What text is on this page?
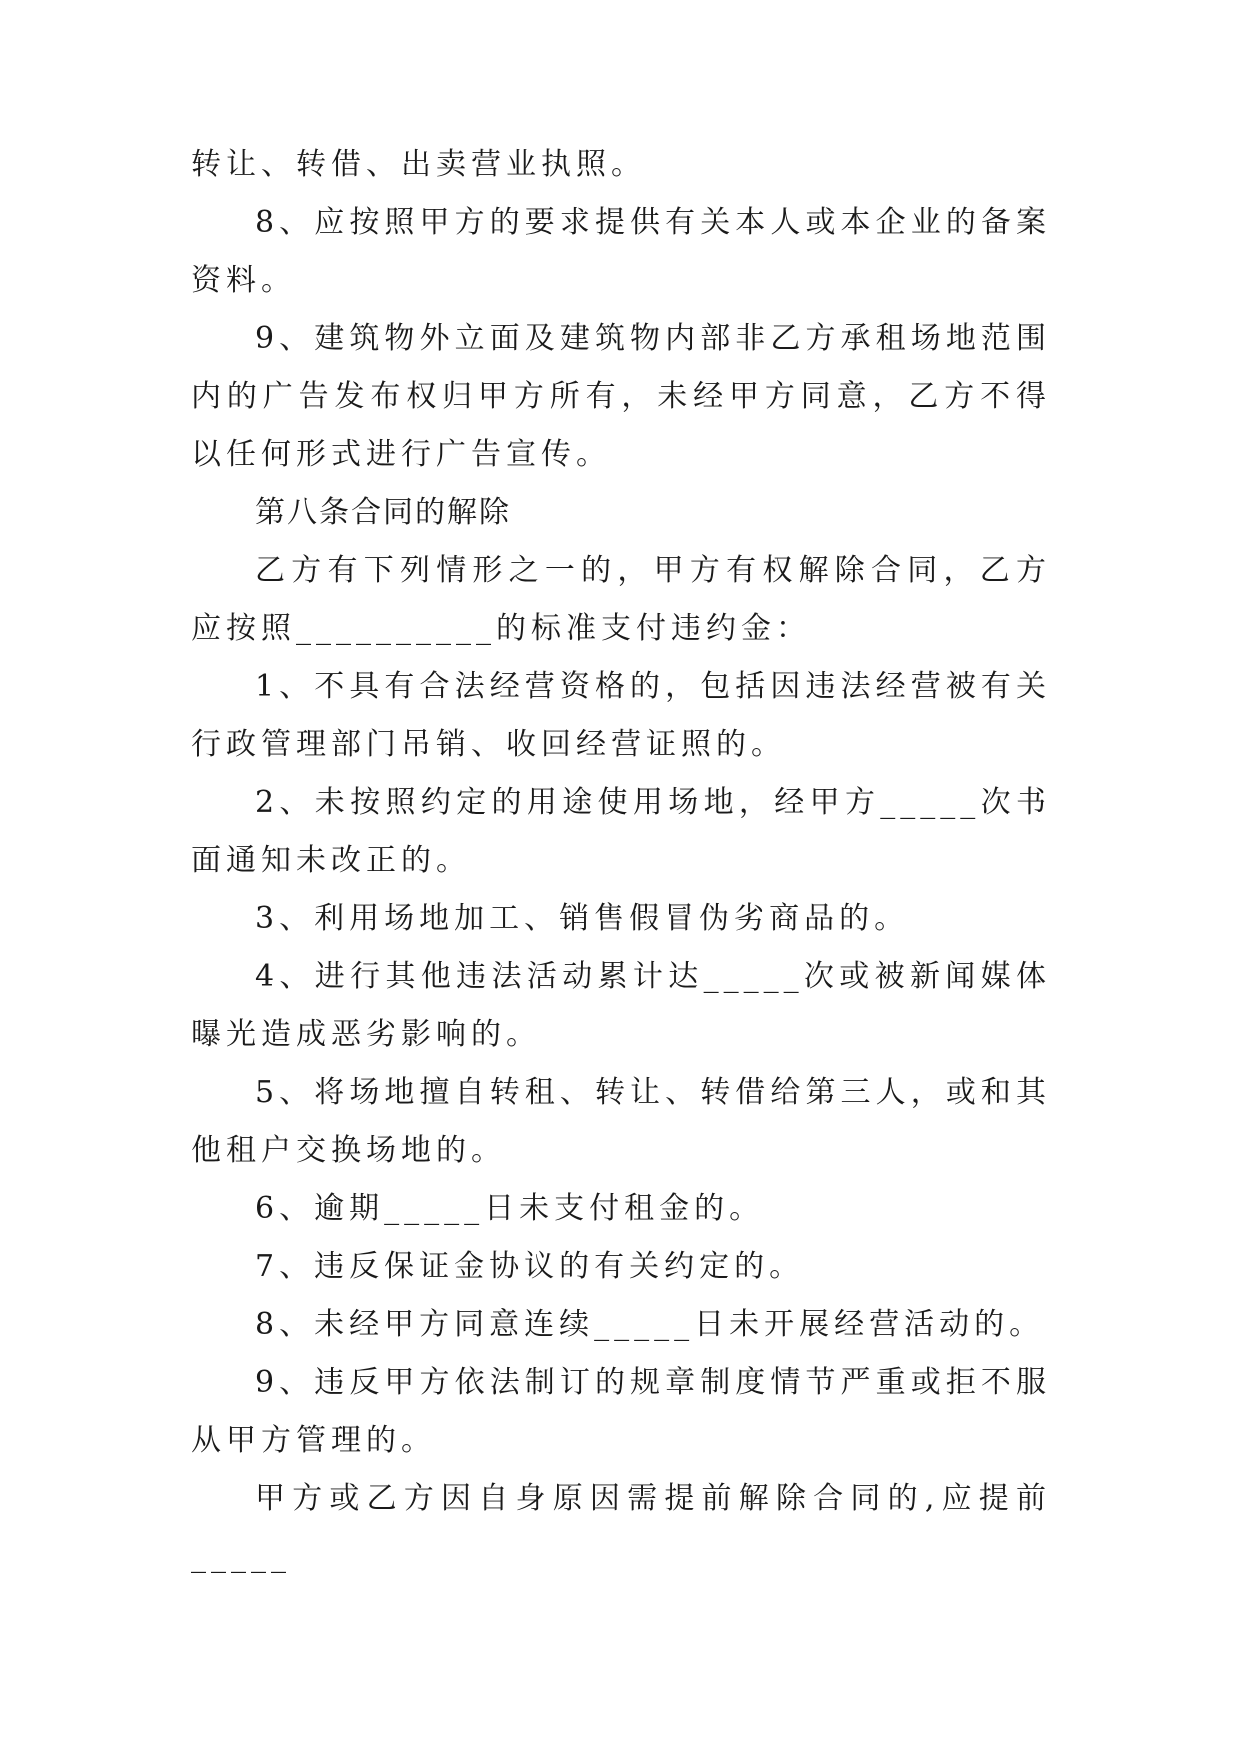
转让、转借、出卖营业执照。

8、应按照甲方的要求提供有关本人或本企业的备案资料。

9、建筑物外立面及建筑物内部非乙方承租场地范围内的广告发布权归甲方所有，未经甲方同意，乙方不得以任何形式进行广告宣传。

第八条合同的解除

乙方有下列情形之一的，甲方有权解除合同，乙方应按照__________的标准支付违约金：

1、不具有合法经营资格的，包括因违法经营被有关行政管理部门吊销、收回经营证照的。

2、未按照约定的用途使用场地，经甲方_____次书面通知未改正的。

3、利用场地加工、销售假冒伪劣商品的。

4、进行其他违法活动累计达_____次或被新闻媒体曝光造成恶劣影响的。

5、将场地擅自转租、转让、转借给第三人，或和其他租户交换场地的。

6、逾期_____日未支付租金的。

7、违反保证金协议的有关约定的。

8、未经甲方同意连续_____日未开展经营活动的。

9、违反甲方依法制订的规章制度情节严重或拒不服从甲方管理的。

甲方或乙方因自身原因需提前解除合同的,应提前_____
